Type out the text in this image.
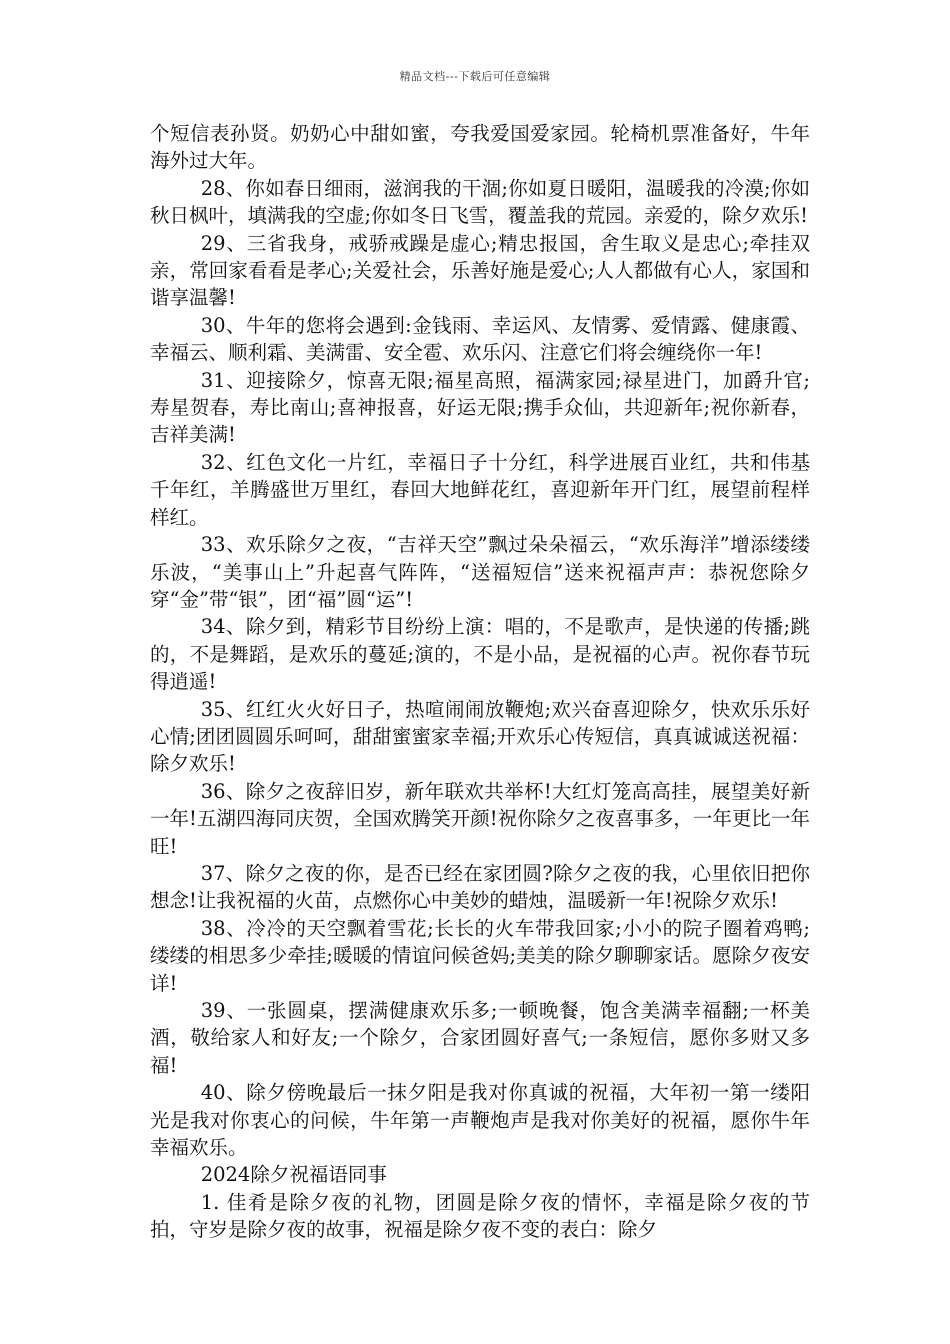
精品文档---下载后可任意编辑

个短信表孙贤。奶奶心中甜如蜜，夸我爱国爱家园。轮椅机票准备好，牛年海外过大年。

28、你如春日细雨，滋润我的干涸;你如夏日暖阳，温暖我的冷漠;你如秋日枫叶，填满我的空虚;你如冬日飞雪，覆盖我的荒园。亲爱的，除夕欢乐!

29、三省我身，戒骄戒躁是虚心;精忠报国，舍生取义是忠心;牵挂双亲，常回家看看是孝心;关爱社会，乐善好施是爱心;人人都做有心人，家国和谐享温馨!

30、牛年的您将会遇到:金钱雨、幸运风、友情雾、爱情露、健康霞、幸福云、顺利霜、美满雷、安全雹、欢乐闪、注意它们将会缠绕你一年!

31、迎接除夕，惊喜无限;福星高照，福满家园;禄星进门，加爵升官;寿星贺春，寿比南山;喜神报喜，好运无限;携手众仙，共迎新年;祝你新春，吉祥美满!

32、红色文化一片红，幸福日子十分红，科学进展百业红，共和伟基千年红，羊腾盛世万里红，春回大地鲜花红，喜迎新年开门红，展望前程样样红。

33、欢乐除夕之夜，“吉祥天空”飘过朵朵福云，“欢乐海洋”增添缕缕乐波，“美事山上”升起喜气阵阵，“送福短信”送来祝福声声：恭祝您除夕穿“金”带“银”，团“福”圆“运”!

34、除夕到，精彩节目纷纷上演：唱的，不是歌声，是快递的传播;跳的，不是舞蹈，是欢乐的蔓延;演的，不是小品，是祝福的心声。祝你春节玩得逍遥!

35、红红火火好日子，热喧闹闹放鞭炮;欢兴奋喜迎除夕，快欢乐乐好心情;团团圆圆乐呵呵，甜甜蜜蜜家幸福;开欢乐心传短信，真真诚诚送祝福：除夕欢乐!

36、除夕之夜辞旧岁，新年联欢共举杯!大红灯笼高高挂，展望美好新一年!五湖四海同庆贺，全国欢腾笑开颜!祝你除夕之夜喜事多，一年更比一年旺!

37、除夕之夜的你，是否已经在家团圆?除夕之夜的我，心里依旧把你想念!让我祝福的火苗，点燃你心中美妙的蜡烛，温暖新一年!祝除夕欢乐!

38、冷冷的天空飘着雪花;长长的火车带我回家;小小的院子圈着鸡鸭;缕缕的相思多少牵挂;暖暖的情谊问候爸妈;美美的除夕聊聊家话。愿除夕夜安详!

39、一张圆桌，摆满健康欢乐多;一顿晚餐，饱含美满幸福翻;一杯美酒，敬给家人和好友;一个除夕，合家团圆好喜气;一条短信，愿你多财又多福!

40、除夕傍晚最后一抹夕阳是我对你真诚的祝福，大年初一第一缕阳光是我对你衷心的问候，牛年第一声鞭炮声是我对你美好的祝福，愿你牛年幸福欢乐。

2024除夕祝福语同事

1. 佳肴是除夕夜的礼物，团圆是除夕夜的情怀，幸福是除夕夜的节拍，守岁是除夕夜的故事，祝福是除夕夜不变的表白：除夕
